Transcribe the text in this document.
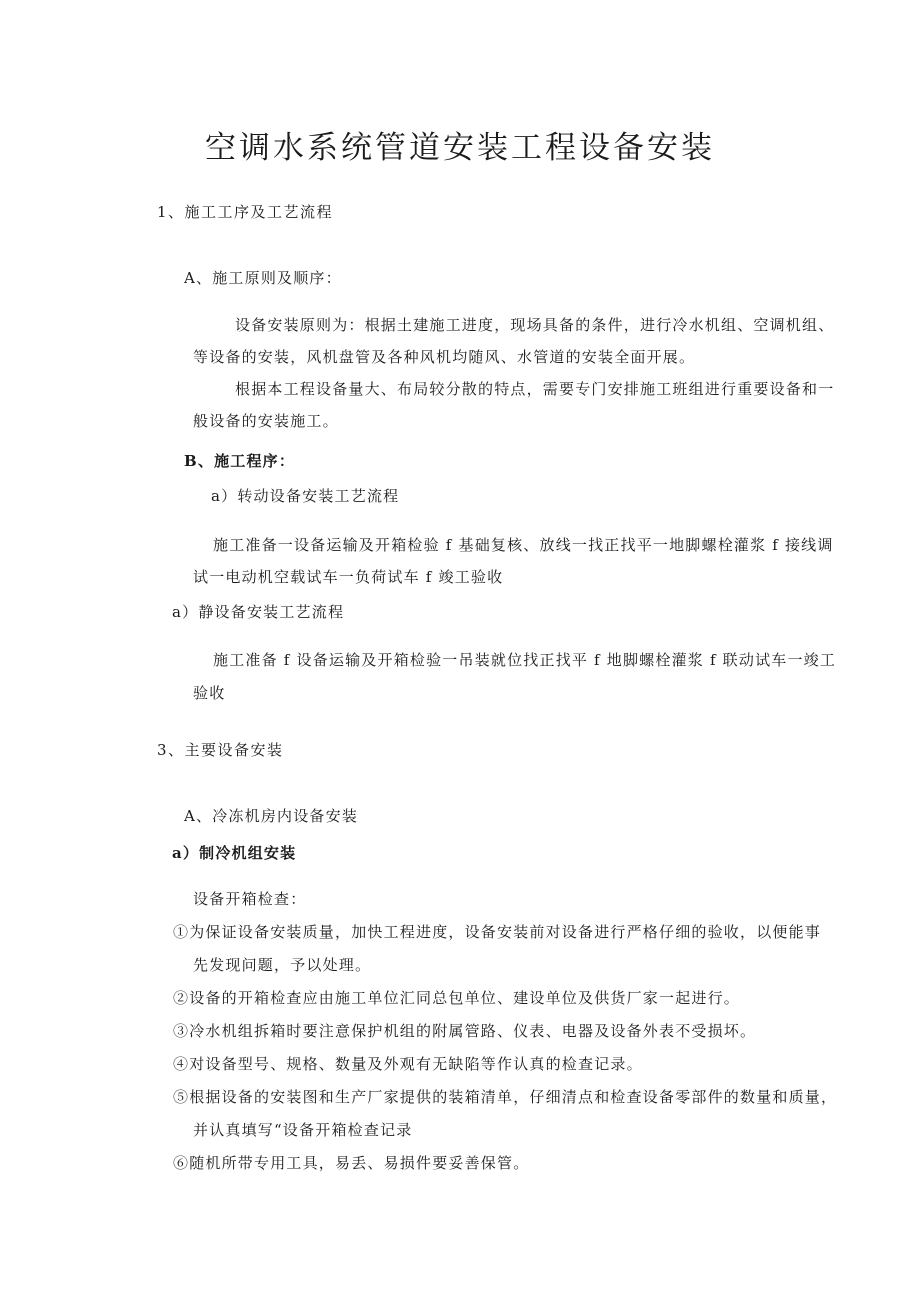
空调水系统管道安装工程设备安装
1、施工工序及工艺流程
A、施工原则及顺序：
设备安装原则为：根据土建施工进度，现场具备的条件，进行冷水机组、空调机组、
等设备的安装，风机盘管及各种风机均随风、水管道的安装全面开展。
根据本工程设备量大、布局较分散的特点，需要专门安排施工班组进行重要设备和一
般设备的安装施工。
B、施工程序：
a）转动设备安装工艺流程
施工准备一设备运输及开箱检验 f 基础复核、放线一找正找平一地脚螺栓灌浆 f 接线调
试一电动机空载试车一负荷试车 f 竣工验收
a）静设备安装工艺流程
施工准备 f 设备运输及开箱检验一吊装就位找正找平 f 地脚螺栓灌浆 f 联动试车一竣工
验收
3、主要设备安装
A、冷冻机房内设备安装
a）制冷机组安装
设备开箱检查：
①为保证设备安装质量，加快工程进度，设备安装前对设备进行严格仔细的验收，以便能事
先发现问题，予以处理。
②设备的开箱检查应由施工单位汇同总包单位、建设单位及供货厂家一起进行。
③冷水机组拆箱时要注意保护机组的附属管路、仪表、电器及设备外表不受损坏。
④对设备型号、规格、数量及外观有无缺陷等作认真的检查记录。
⑤根据设备的安装图和生产厂家提供的装箱清单，仔细清点和检查设备零部件的数量和质量，
并认真填写“设备开箱检查记录
⑥随机所带专用工具，易丢、易损件要妥善保管。
